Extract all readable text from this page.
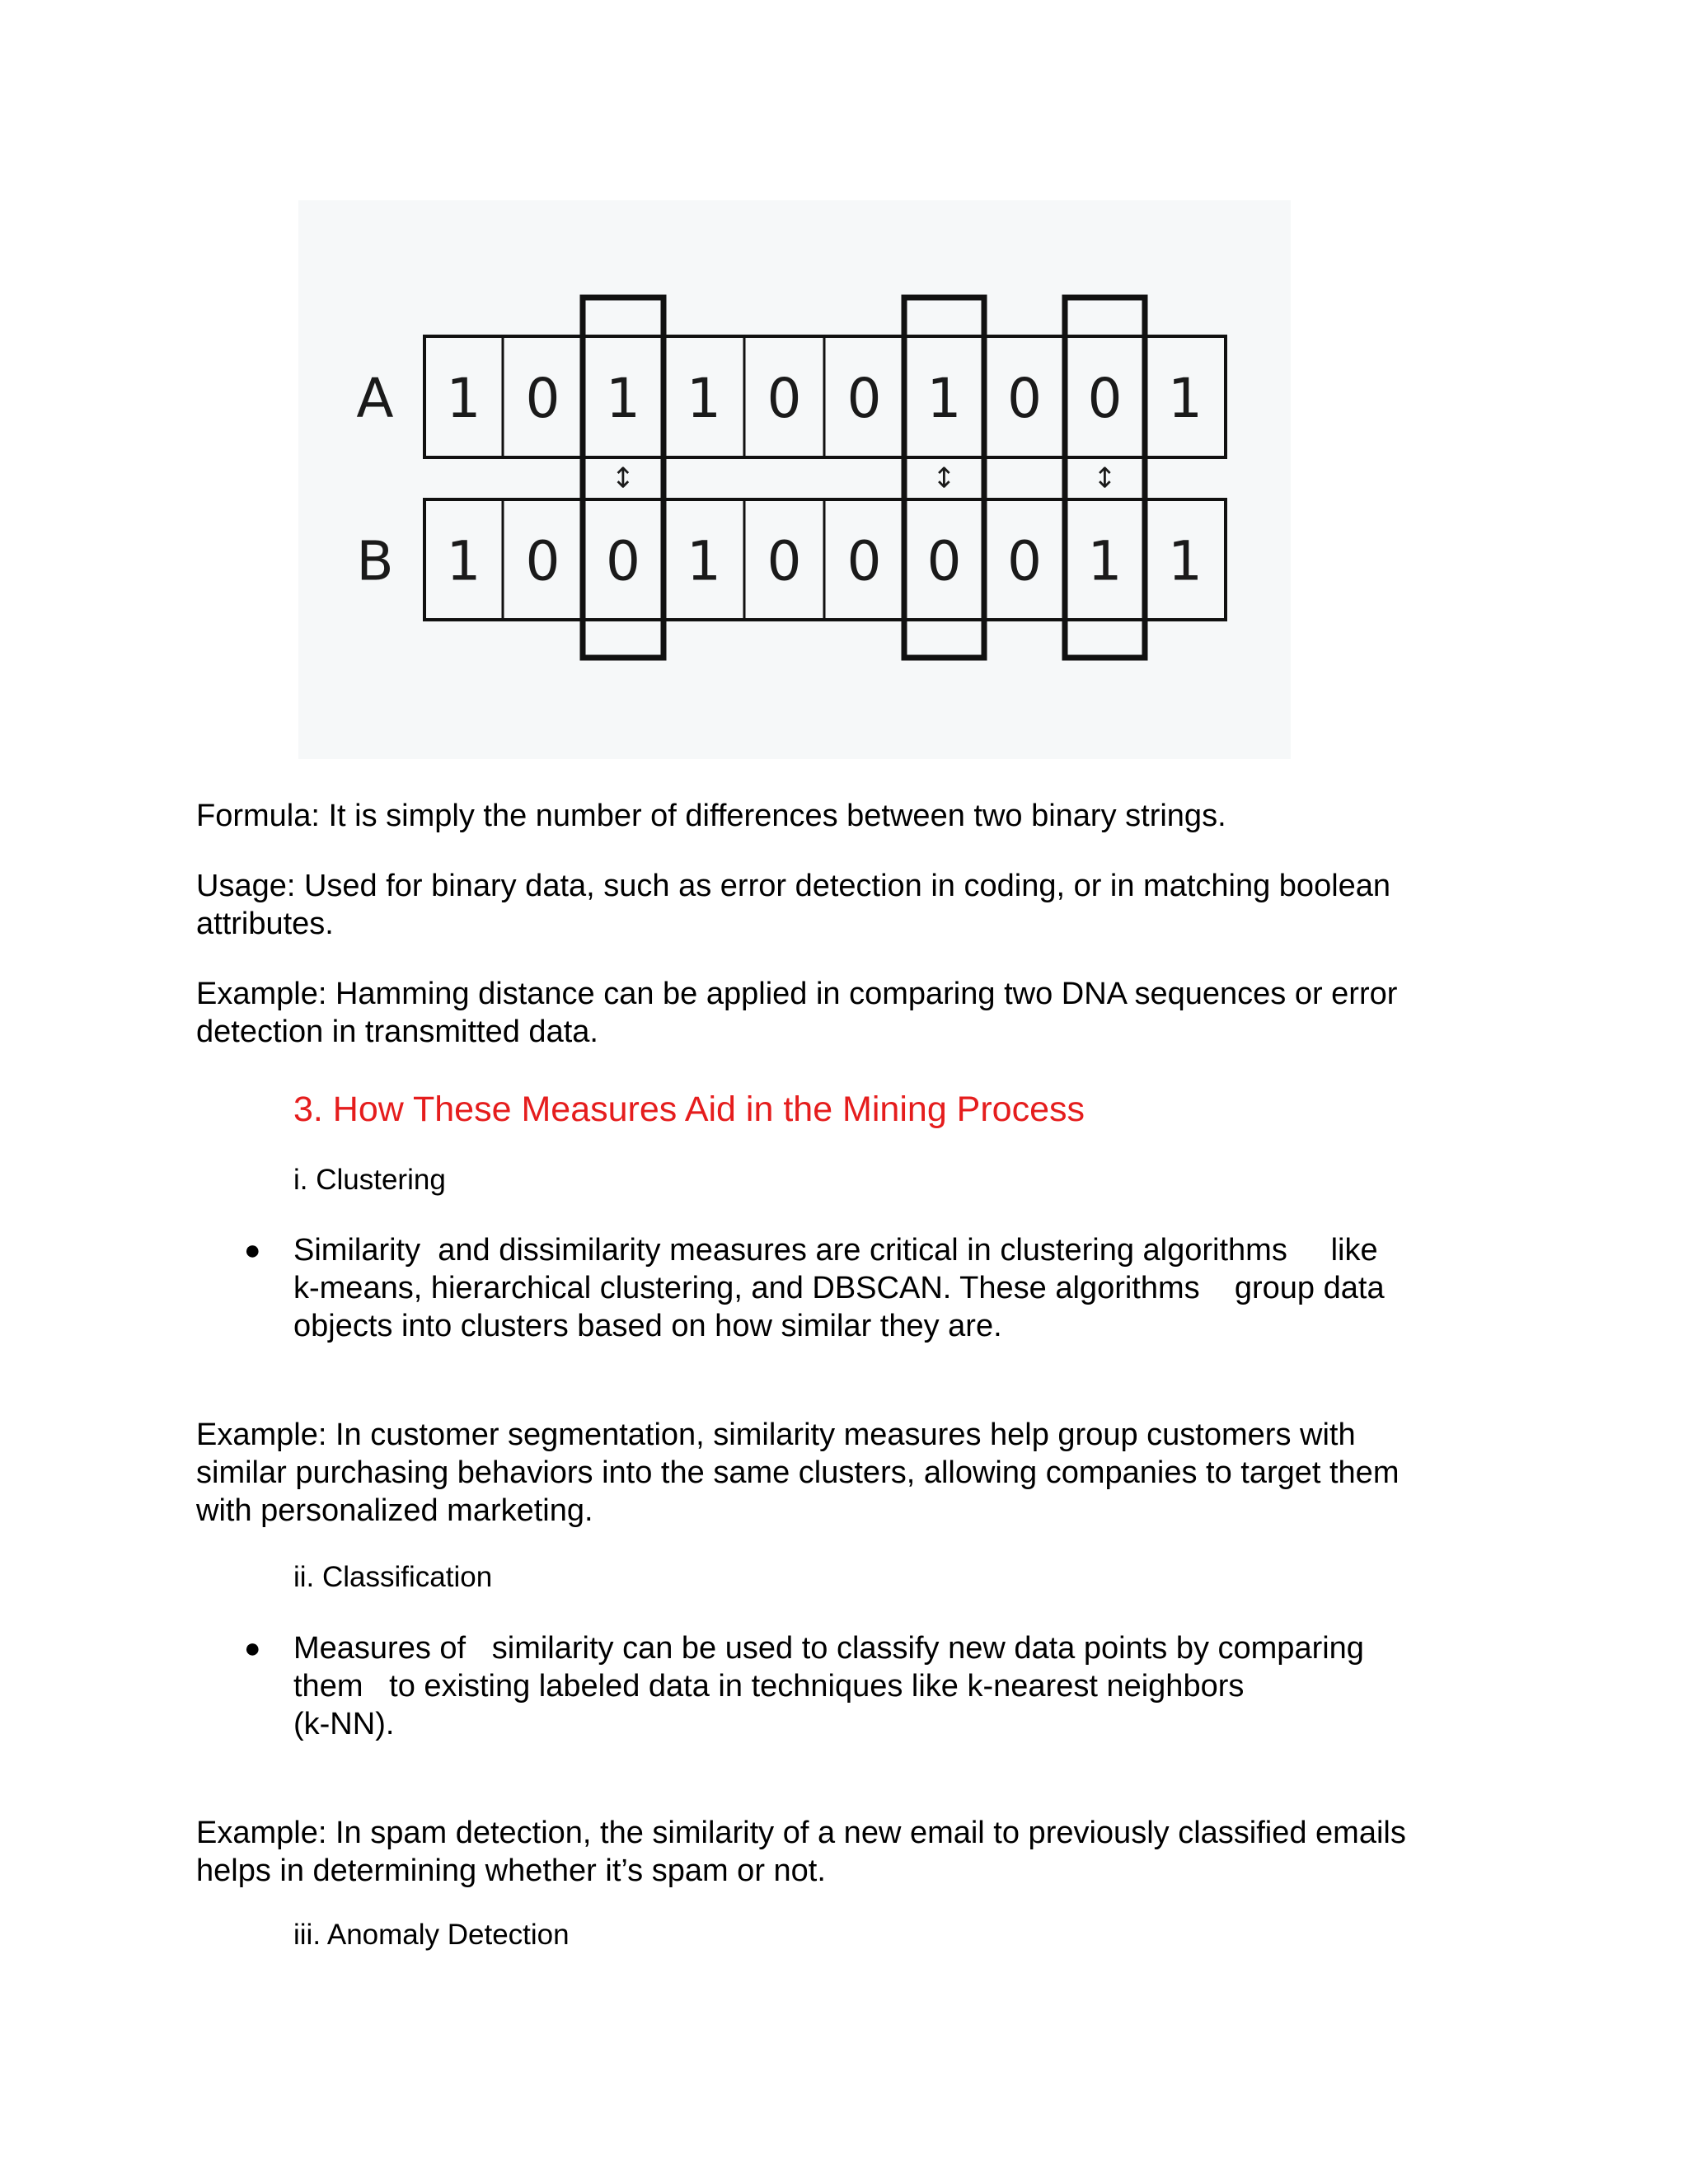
1 0 1 1 0 0 1 0 0 1
A
1 0 0 1 0 0 0 0 1 1
B
↕	↕	↕

Formula: It is simply the number of differences between two binary strings.

Usage: Used for binary data, such as error detection in coding, or in matching boolean
attributes.

Example: Hamming distance can be applied in comparing two DNA sequences or error
detection in transmitted data.

3. How These Measures Aid in the Mining Process

i. Clustering

● Similarity  and dissimilarity measures are critical in clustering algorithms     like
k-means, hierarchical clustering, and DBSCAN. These algorithms    group data
objects into clusters based on how similar they are.

Example: In customer segmentation, similarity measures help group customers with
similar purchasing behaviors into the same clusters, allowing companies to target them
with personalized marketing.

ii. Classification

● Measures of   similarity can be used to classify new data points by comparing
them   to existing labeled data in techniques like k-nearest neighbors
(k-NN).

Example: In spam detection, the similarity of a new email to previously classified emails
helps in determining whether it’s spam or not.

iii. Anomaly Detection
